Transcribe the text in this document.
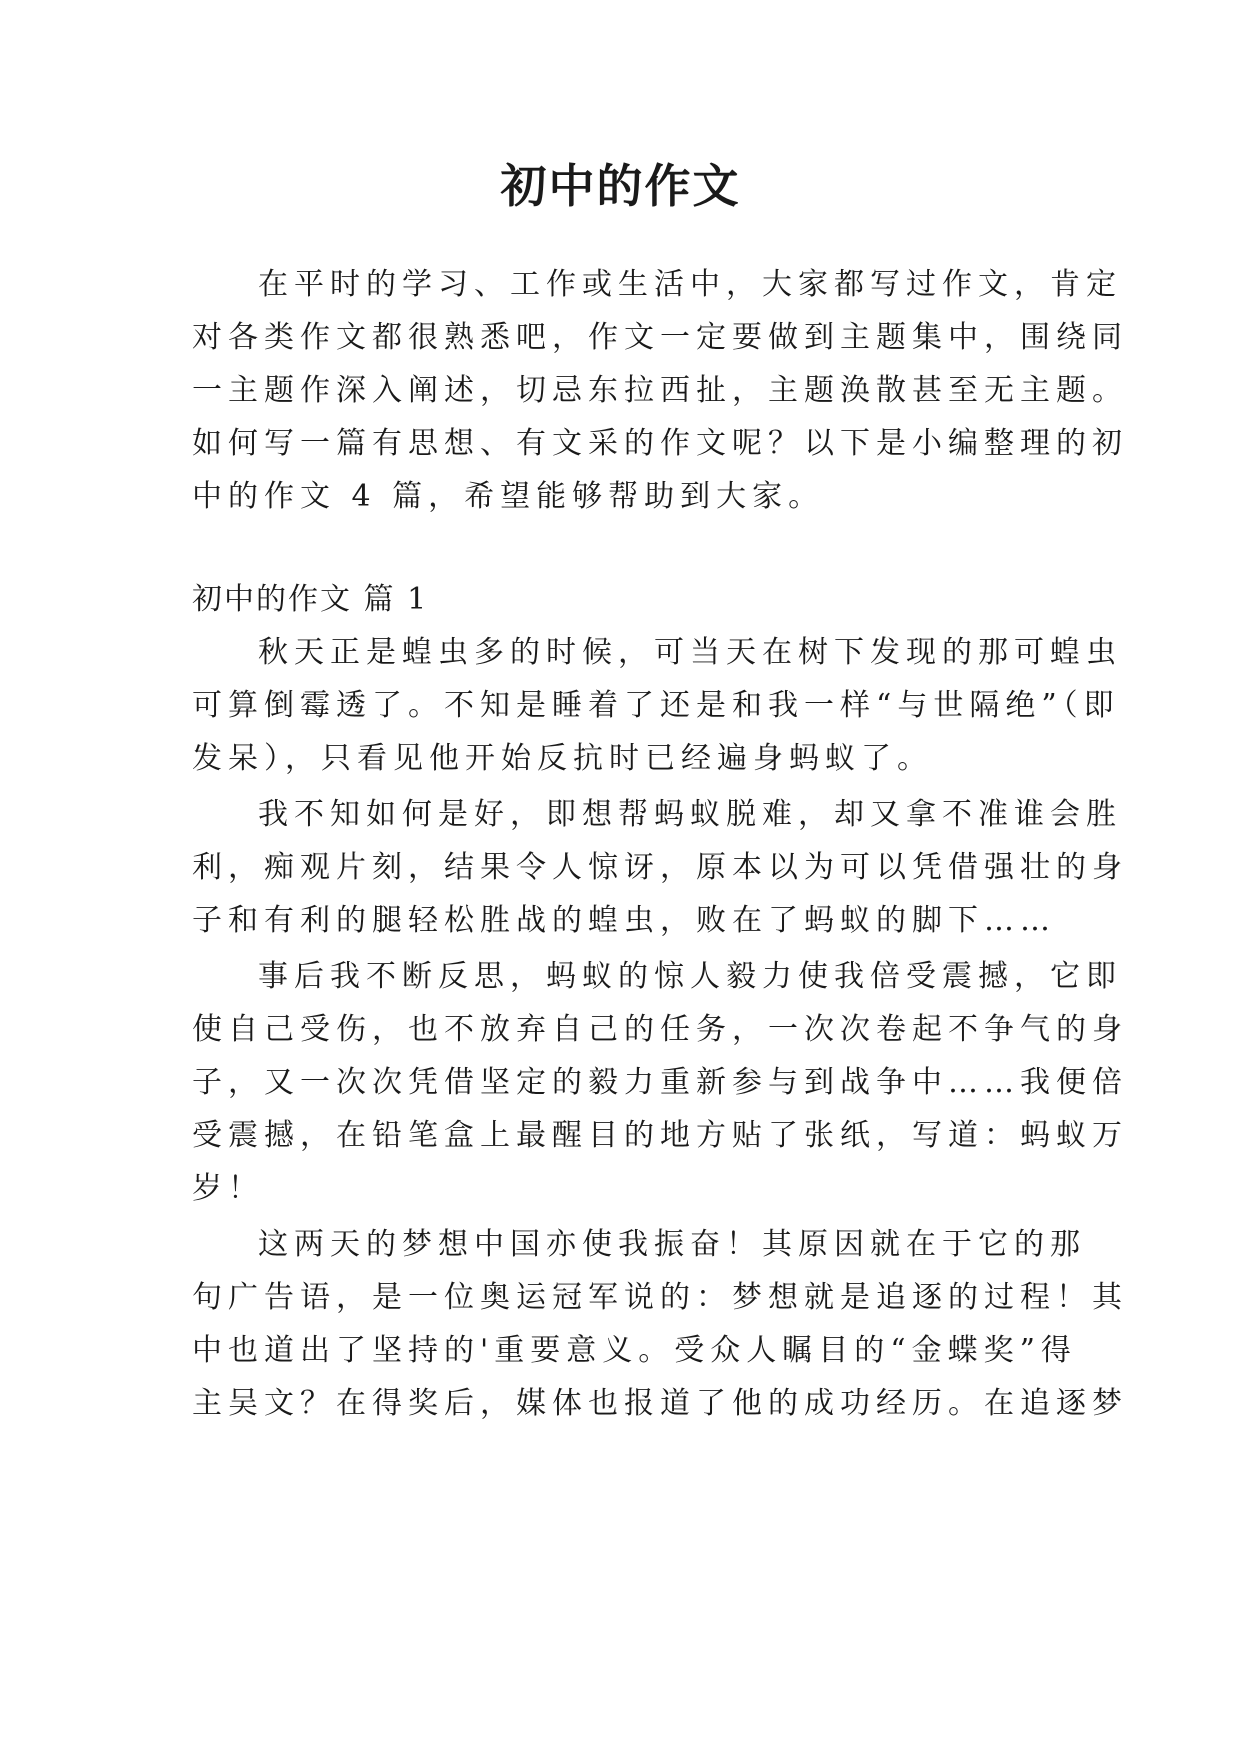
初中的作文
在平时的学习、工作或生活中，大家都写过作文，肯定
对各类作文都很熟悉吧，作文一定要做到主题集中，围绕同
一主题作深入阐述，切忌东拉西扯，主题涣散甚至无主题。
如何写一篇有思想、有文采的作文呢？以下是小编整理的初
中的作文 4 篇，希望能够帮助到大家。
初中的作文 篇 1
秋天正是蝗虫多的时候，可当天在树下发现的那可蝗虫
可算倒霉透了。不知是睡着了还是和我一样“与世隔绝”（即
发呆），只看见他开始反抗时已经遍身蚂蚁了。
我不知如何是好，即想帮蚂蚁脱难，却又拿不准谁会胜
利，痴观片刻，结果令人惊讶，原本以为可以凭借强壮的身
子和有利的腿轻松胜战的蝗虫，败在了蚂蚁的脚下……
事后我不断反思，蚂蚁的惊人毅力使我倍受震撼，它即
使自己受伤，也不放弃自己的任务，一次次卷起不争气的身
子，又一次次凭借坚定的毅力重新参与到战争中……我便倍
受震撼，在铅笔盒上最醒目的地方贴了张纸，写道：蚂蚁万
岁！
这两天的梦想中国亦使我振奋！其原因就在于它的那
句广告语，是一位奥运冠军说的：梦想就是追逐的过程！其
中也道出了坚持的'重要意义。受众人瞩目的“金蝶奖”得
主吴文？在得奖后，媒体也报道了他的成功经历。在追逐梦
